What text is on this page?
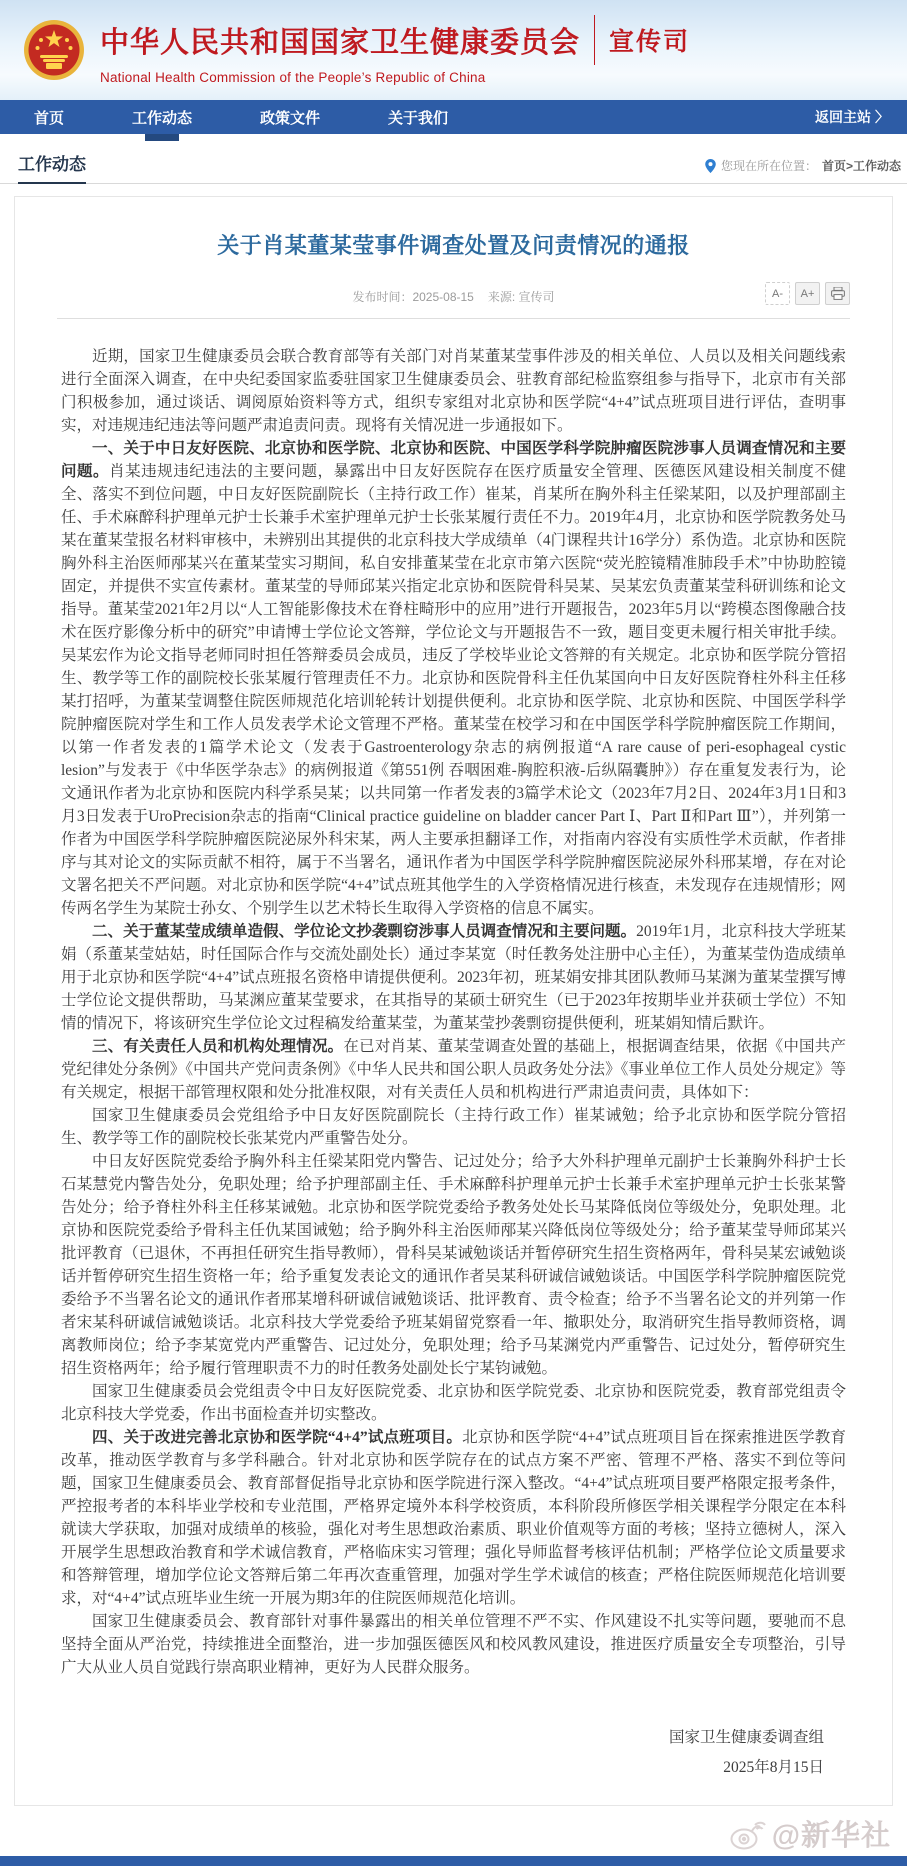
中华人民共和国国家卫生健康委员会 宣传司
National Health Commission of the People’s Republic of China
首页	工作动态	政策文件	关于我们	返回主站 〉
工作动态	您现在所在位置： 首页>工作动态
关于肖某董某莹事件调查处置及问责情况的通报
发布时间：2025-08-15 来源: 宣传司	A-	A+

近期，国家卫生健康委员会联合教育部等有关部门对肖某董某莹事件涉及的相关单位、人员以及相关问题线索进行全面深入调查，在中央纪委国家监委驻国家卫生健康委员会、驻教育部纪检监察组参与指导下，北京市有关部门积极参加，通过谈话、调阅原始资料等方式，组织专家组对北京协和医学院“4+4”试点班项目进行评估，查明事实，对违规违纪违法等问题严肃追责问责。现将有关情况进一步通报如下。

一、关于中日友好医院、北京协和医学院、北京协和医院、中国医学科学院肿瘤医院涉事人员调查情况和主要问题。肖某违规违纪违法的主要问题，暴露出中日友好医院存在医疗质量安全管理、医德医风建设相关制度不健全、落实不到位问题，中日友好医院副院长（主持行政工作）崔某，肖某所在胸外科主任梁某阳，以及护理部副主任、手术麻醉科护理单元护士长兼手术室护理单元护士长张某履行责任不力。2019年4月，北京协和医学院教务处马某在董某莹报名材料审核中，未辨别出其提供的北京科技大学成绩单（4门课程共计16学分）系伪造。北京协和医院胸外科主治医师邴某兴在董某莹实习期间，私自安排董某莹在北京市第六医院“荧光腔镜精准肺段手术”中协助腔镜固定，并提供不实宣传素材。董某莹的导师邱某兴指定北京协和医院骨科吴某、吴某宏负责董某莹科研训练和论文指导。董某莹2021年2月以“人工智能影像技术在脊柱畸形中的应用”进行开题报告，2023年5月以“跨模态图像融合技术在医疗影像分析中的研究”申请博士学位论文答辩，学位论文与开题报告不一致，题目变更未履行相关审批手续。吴某宏作为论文指导老师同时担任答辩委员会成员，违反了学校毕业论文答辩的有关规定。北京协和医学院分管招生、教学等工作的副院校长张某履行管理责任不力。北京协和医院骨科主任仇某国向中日友好医院脊柱外科主任移某打招呼，为董某莹调整住院医师规范化培训轮转计划提供便利。北京协和医学院、北京协和医院、中国医学科学院肿瘤医院对学生和工作人员发表学术论文管理不严格。董某莹在校学习和在中国医学科学院肿瘤医院工作期间，以第一作者发表的1篇学术论文（发表于Gastroenterology杂志的病例报道“A rare cause of peri-esophageal cystic lesion”与发表于《中华医学杂志》的病例报道《第551例 吞咽困难-胸腔积液-后纵隔囊肿》）存在重复发表行为，论文通讯作者为北京协和医院内科学系吴某；以共同第一作者发表的3篇学术论文（2023年7月2日、2024年3月1日和3月3日发表于UroPrecision杂志的指南“Clinical practice guideline on bladder cancer Part Ⅰ、Part Ⅱ和Part Ⅲ”），并列第一作者为中国医学科学院肿瘤医院泌尿外科宋某，两人主要承担翻译工作，对指南内容没有实质性学术贡献，作者排序与其对论文的实际贡献不相符，属于不当署名，通讯作者为中国医学科学院肿瘤医院泌尿外科邢某增，存在对论文署名把关不严问题。对北京协和医学院“4+4”试点班其他学生的入学资格情况进行核查，未发现存在违规情形；网传两名学生为某院士孙女、个别学生以艺术特长生取得入学资格的信息不属实。

二、关于董某莹成绩单造假、学位论文抄袭剽窃涉事人员调查情况和主要问题。2019年1月，北京科技大学班某娟（系董某莹姑姑，时任国际合作与交流处副处长）通过李某宽（时任教务处注册中心主任），为董某莹伪造成绩单用于北京协和医学院“4+4”试点班报名资格申请提供便利。2023年初，班某娟安排其团队教师马某渊为董某莹撰写博士学位论文提供帮助，马某渊应董某莹要求，在其指导的某硕士研究生（已于2023年按期毕业并获硕士学位）不知情的情况下，将该研究生学位论文过程稿发给董某莹，为董某莹抄袭剽窃提供便利，班某娟知情后默许。

三、有关责任人员和机构处理情况。在已对肖某、董某莹调查处置的基础上，根据调查结果，依据《中国共产党纪律处分条例》《中国共产党问责条例》《中华人民共和国公职人员政务处分法》《事业单位工作人员处分规定》等有关规定，根据干部管理权限和处分批准权限，对有关责任人员和机构进行严肃追责问责，具体如下：

国家卫生健康委员会党组给予中日友好医院副院长（主持行政工作）崔某诫勉；给予北京协和医学院分管招生、教学等工作的副院校长张某党内严重警告处分。

中日友好医院党委给予胸外科主任梁某阳党内警告、记过处分；给予大外科护理单元副护士长兼胸外科护士长石某慧党内警告处分，免职处理；给予护理部副主任、手术麻醉科护理单元护士长兼手术室护理单元护士长张某警告处分；给予脊柱外科主任移某诫勉。北京协和医学院党委给予教务处处长马某降低岗位等级处分，免职处理。北京协和医院党委给予骨科主任仇某国诫勉；给予胸外科主治医师邴某兴降低岗位等级处分；给予董某莹导师邱某兴批评教育（已退休，不再担任研究生指导教师），骨科吴某诫勉谈话并暂停研究生招生资格两年，骨科吴某宏诫勉谈话并暂停研究生招生资格一年；给予重复发表论文的通讯作者吴某科研诚信诫勉谈话。中国医学科学院肿瘤医院党委给予不当署名论文的通讯作者邢某增科研诚信诫勉谈话、批评教育、责令检查；给予不当署名论文的并列第一作者宋某科研诚信诫勉谈话。北京科技大学党委给予班某娟留党察看一年、撤职处分，取消研究生指导教师资格，调离教师岗位；给予李某宽党内严重警告、记过处分，免职处理；给予马某渊党内严重警告、记过处分，暂停研究生招生资格两年；给予履行管理职责不力的时任教务处副处长宁某钧诫勉。

国家卫生健康委员会党组责令中日友好医院党委、北京协和医学院党委、北京协和医院党委，教育部党组责令北京科技大学党委，作出书面检查并切实整改。

四、关于改进完善北京协和医学院“4+4”试点班项目。北京协和医学院“4+4”试点班项目旨在探索推进医学教育改革，推动医学教育与多学科融合。针对北京协和医学院存在的试点方案不严密、管理不严格、落实不到位等问题，国家卫生健康委员会、教育部督促指导北京协和医学院进行深入整改。“4+4”试点班项目要严格限定报考条件，严控报考者的本科毕业学校和专业范围，严格界定境外本科学校资质，本科阶段所修医学相关课程学分限定在本科就读大学获取，加强对成绩单的核验，强化对考生思想政治素质、职业价值观等方面的考核；坚持立德树人，深入开展学生思想政治教育和学术诚信教育，严格临床实习管理；强化导师监督考核评估机制；严格学位论文质量要求和答辩管理，增加学位论文答辩后第二年再次查重管理，加强对学生学术诚信的核查；严格住院医师规范化培训要求，对“4+4”试点班毕业生统一开展为期3年的住院医师规范化培训。

国家卫生健康委员会、教育部针对事件暴露出的相关单位管理不严不实、作风建设不扎实等问题，要驰而不息坚持全面从严治党，持续推进全面整治，进一步加强医德医风和校风教风建设，推进医疗质量安全专项整治，引导广大从业人员自觉践行崇高职业精神，更好为人民群众服务。

国家卫生健康委调查组
2025年8月15日
@新华社
